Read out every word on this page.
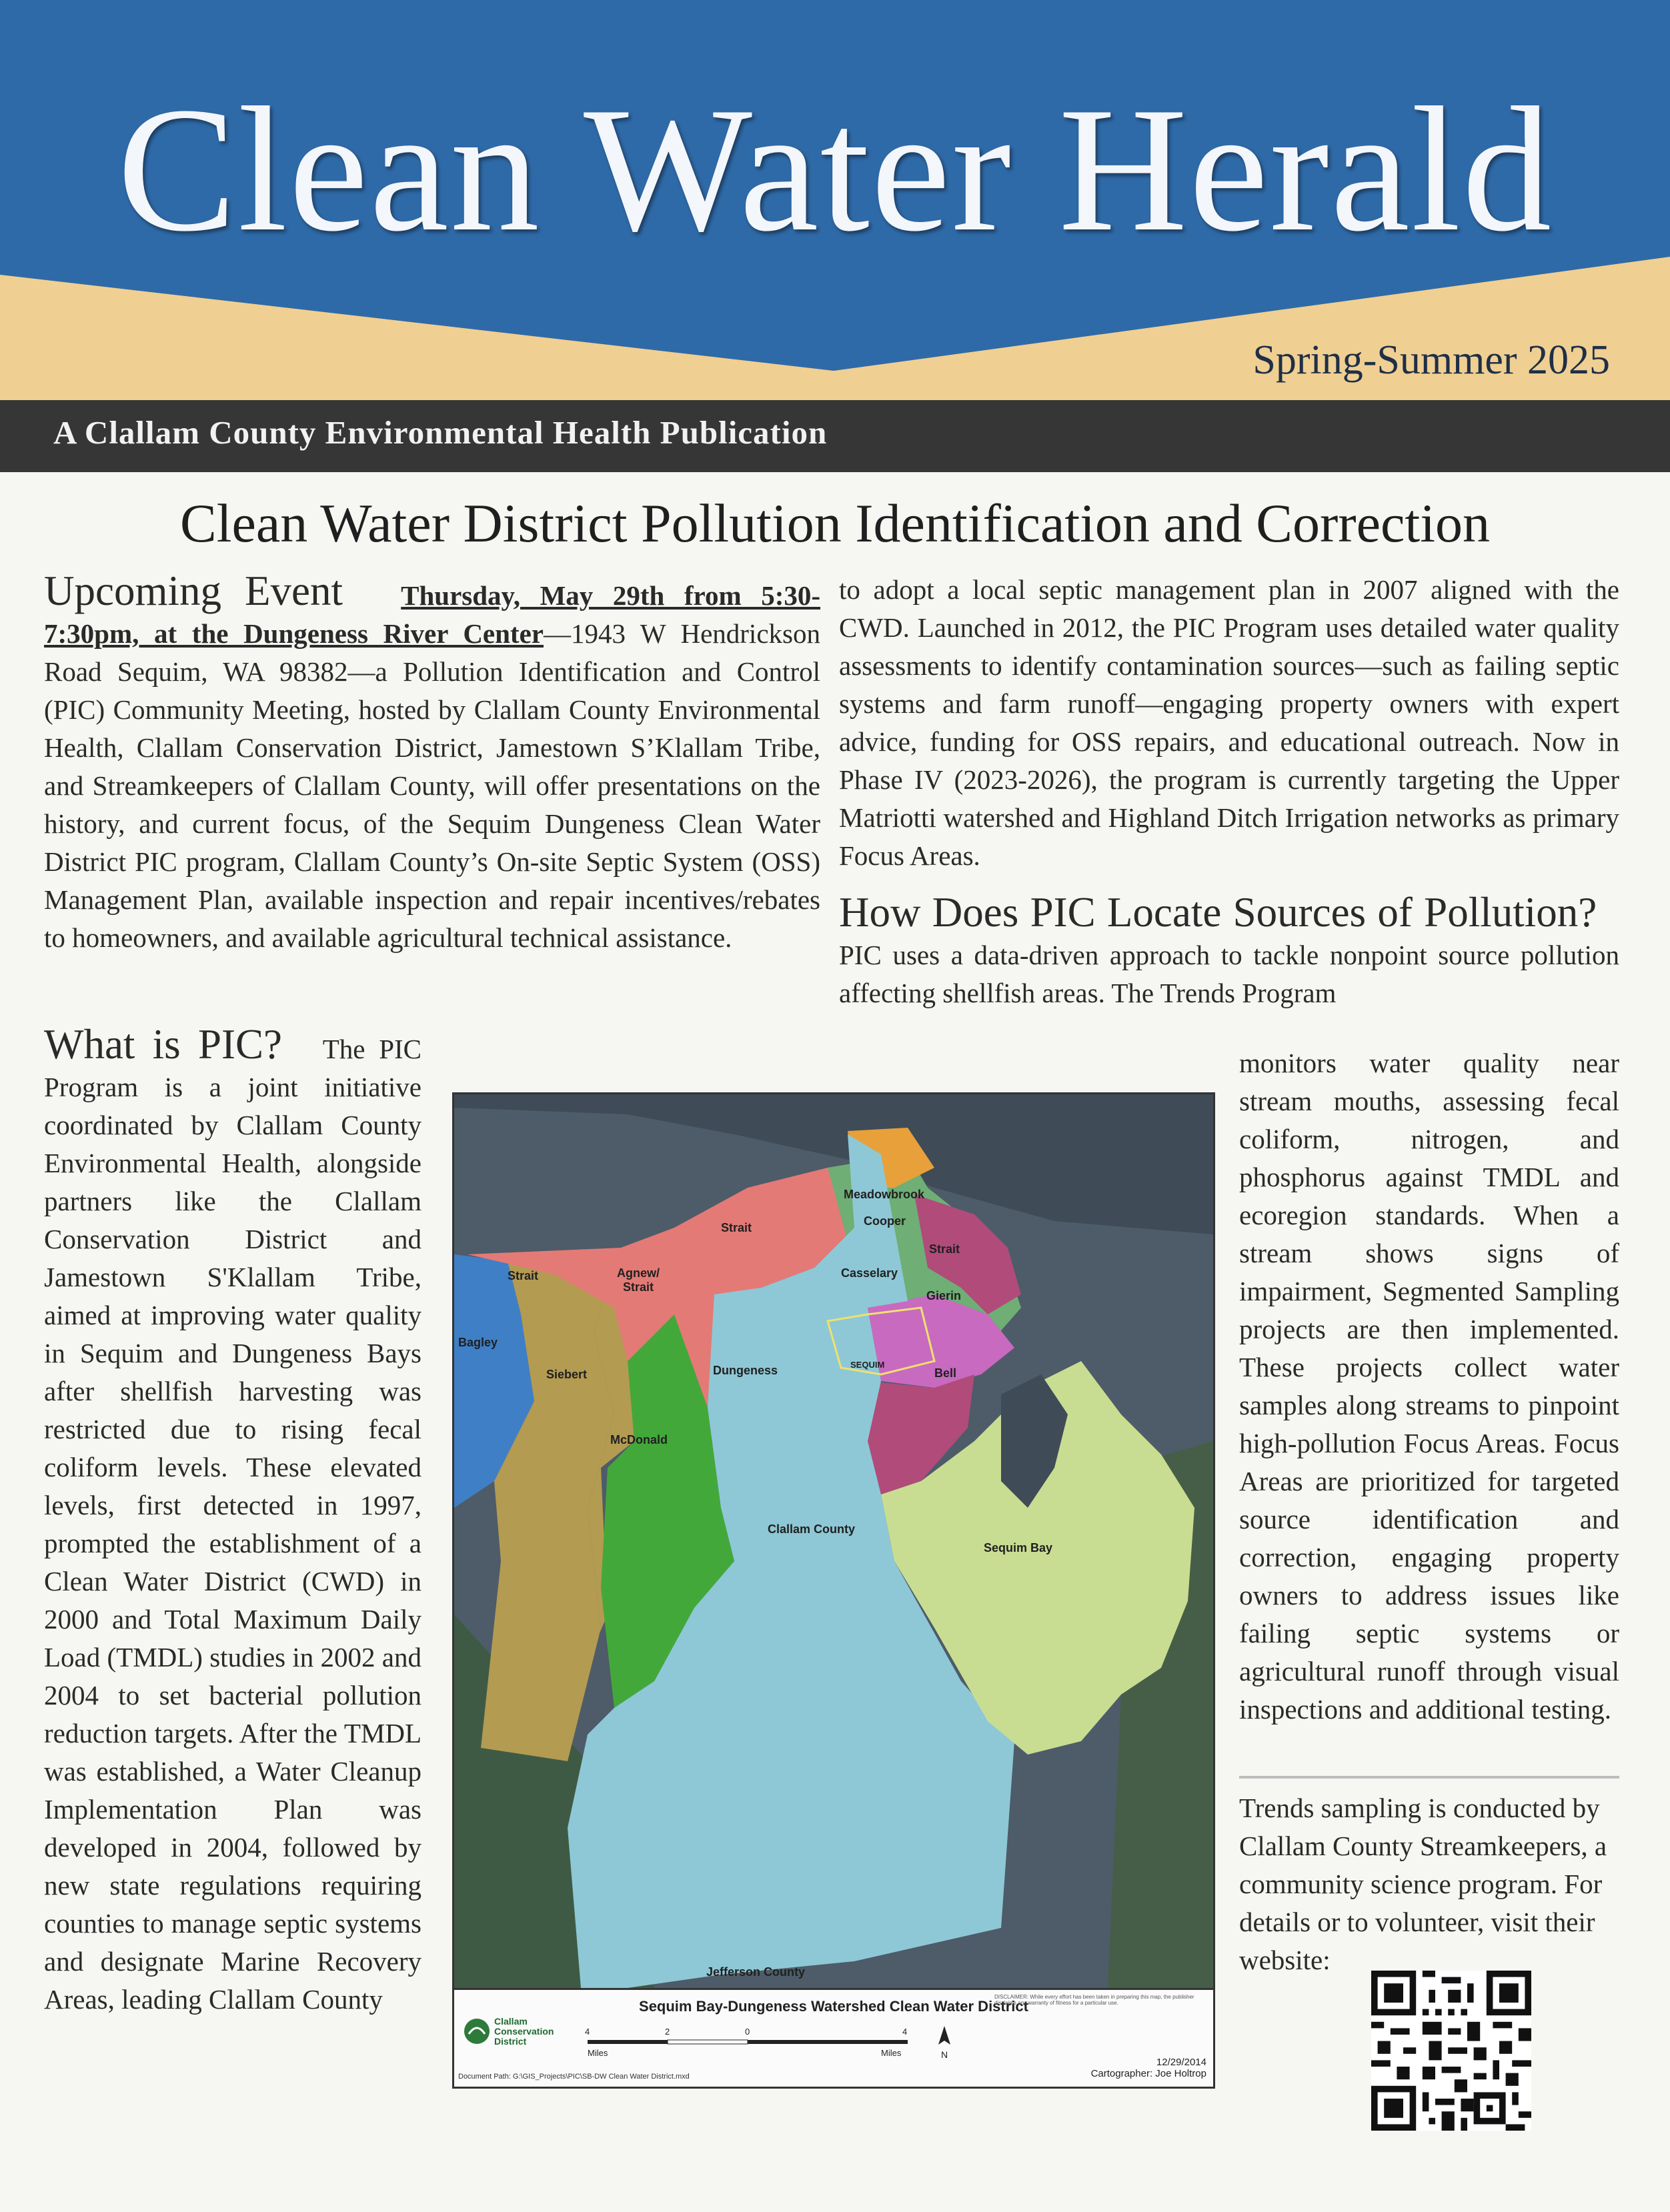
Clean Water Herald
Spring-Summer 2025
A Clallam County Environmental Health Publication
Clean Water District Pollution Identification and Correction
Upcoming Event Thursday, May 29th from 5:30-7:30pm, at the Dungeness River Center—1943 W Hendrickson Road Sequim, WA 98382—a Pollution Identification and Control (PIC) Community Meeting, hosted by Clallam County Environmental Health, Clallam Conservation District, Jamestown S’Klallam Tribe, and Streamkeepers of Clallam County, will offer presentations on the history, and current focus, of the Sequim Dungeness Clean Water District PIC program, Clallam County’s On-site Septic System (OSS) Management Plan, available inspection and repair incentives/rebates to homeowners, and available agricultural technical assistance.
What is PIC? The PIC Program is a joint initiative coordinated by Clallam County Environmental Health, alongside partners like the Clallam Conservation District and Jamestown S'Klallam Tribe, aimed at improving water quality in Sequim and Dungeness Bays after shellfish harvesting was restricted due to rising fecal coliform levels. These elevated levels, first detected in 1997, prompted the establishment of a Clean Water District (CWD) in 2000 and Total Maximum Daily Load (TMDL) studies in 2002 and 2004 to set bacterial pollution reduction targets. After the TMDL was established, a Water Cleanup Implementation Plan was developed in 2004, followed by new state regulations requiring counties to manage septic systems and designate Marine Recovery Areas, leading Clallam County
to adopt a local septic management plan in 2007 aligned with the CWD. Launched in 2012, the PIC Program uses detailed water quality assessments to identify contamination sources—such as failing septic systems and farm runoff—engaging property owners with expert advice, funding for OSS repairs, and educational outreach. Now in Phase IV (2023-2026), the program is currently targeting the Upper Matriotti watershed and Highland Ditch Irrigation networks as primary Focus Areas.
How Does PIC Locate Sources of Pollution?  PIC uses a data-driven approach to tackle nonpoint source pollution affecting shellfish areas. The Trends Program
monitors water quality near stream mouths, assessing fecal coliform, nitrogen, and phosphorus against TMDL and ecoregion standards. When a stream shows signs of impairment, Segmented Sampling projects are then implemented. These projects collect water samples along streams to pinpoint high-pollution Focus Areas. Focus Areas are prioritized for targeted source identification and correction, engaging property owners to address issues like failing septic systems or agricultural runoff through visual inspections and additional testing.
Trends sampling is conducted by Clallam County Streamkeepers, a community science program. For details or to volunteer, visit their website:
Meadowbrook
Cooper
Strait
Strait
Strait	Agnew/ Strait
Casselary
Gierin
Bagley
Siebert	Dungeness	SEQUIM
Bell
McDonald
Clallam County
Sequim Bay
Jefferson County
Sequim Bay-Dungeness Watershed Clean Water District
Clallam Conservation District
4	2	0	4
Miles	Miles	N
DISCLAIMER: While every effort has been taken in preparing this map, the publisher disclaims any warranty of fitness for a particular use.
12/29/2014
Cartographer: Joe Holtrop
Document Path: G:\GIS_Projects\PIC\SB-DW Clean Water District.mxd
